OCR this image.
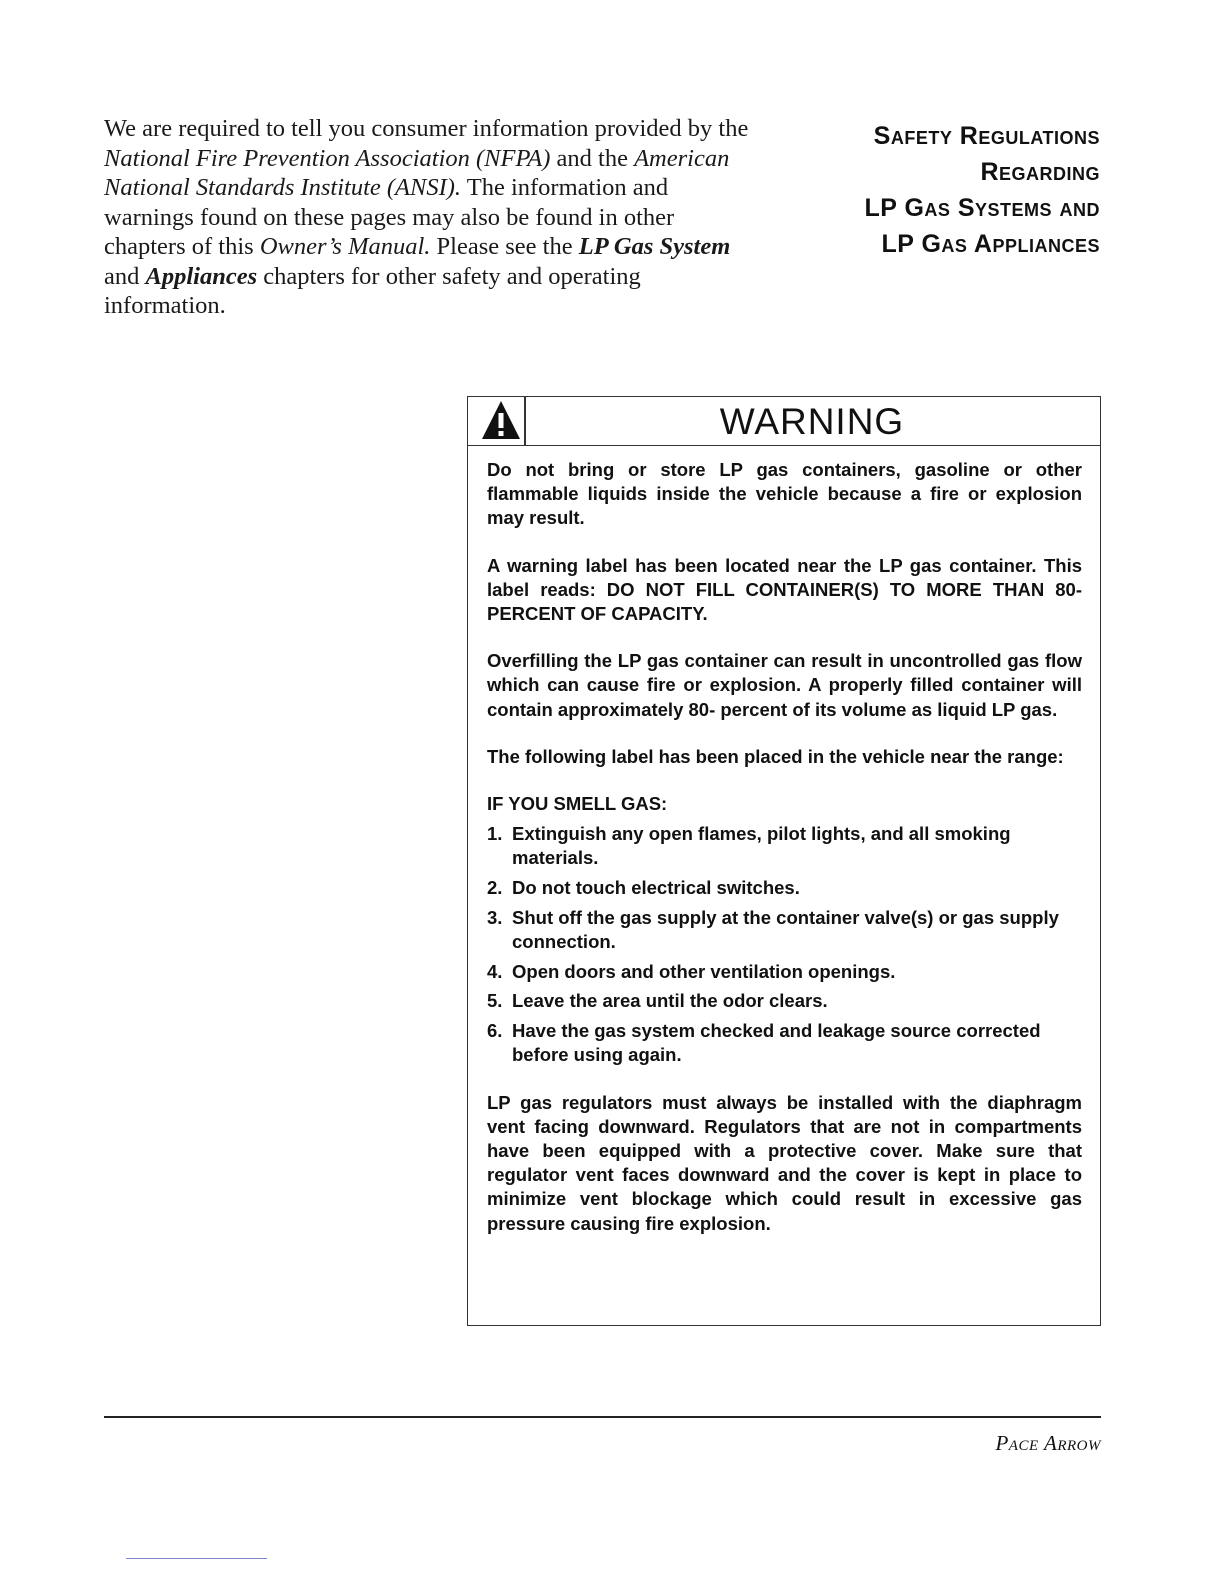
We are required to tell you consumer information provided by the National Fire Prevention Association (NFPA) and the American National Standards Institute (ANSI). The information and warnings found on these pages may also be found in other chapters of this Owner’s Manual. Please see the LP Gas System and Appliances chapters for other safety and operating information.
Safety Regulations
Regarding
LP Gas Systems and
LP Gas Appliances
WARNING

Do not bring or store LP gas containers, gasoline or other flammable liquids inside the vehicle because a fire or explosion may result.

A warning label has been located near the LP gas container. This label reads: DO NOT FILL CONTAINER(S) TO MORE THAN 80-PERCENT OF CAPACITY.

Overfilling the LP gas container can result in uncontrolled gas flow which can cause fire or explosion. A properly filled container will contain approximately 80- percent of its volume as liquid LP gas.

The following label has been placed in the vehicle near the range:

IF YOU SMELL GAS:

1. Extinguish any open flames, pilot lights, and all smoking materials.
2. Do not touch electrical switches.
3. Shut off the gas supply at the container valve(s) or gas supply connection.
4. Open doors and other ventilation openings.
5. Leave the area until the odor clears.
6. Have the gas system checked and leakage source corrected before using again.

LP gas regulators must always be installed with the diaphragm vent facing downward. Regulators that are not in compartments have been equipped with a protective cover. Make sure that regulator vent faces downward and the cover is kept in place to minimize vent blockage which could result in excessive gas pressure causing fire explosion.

Pace Arrow
